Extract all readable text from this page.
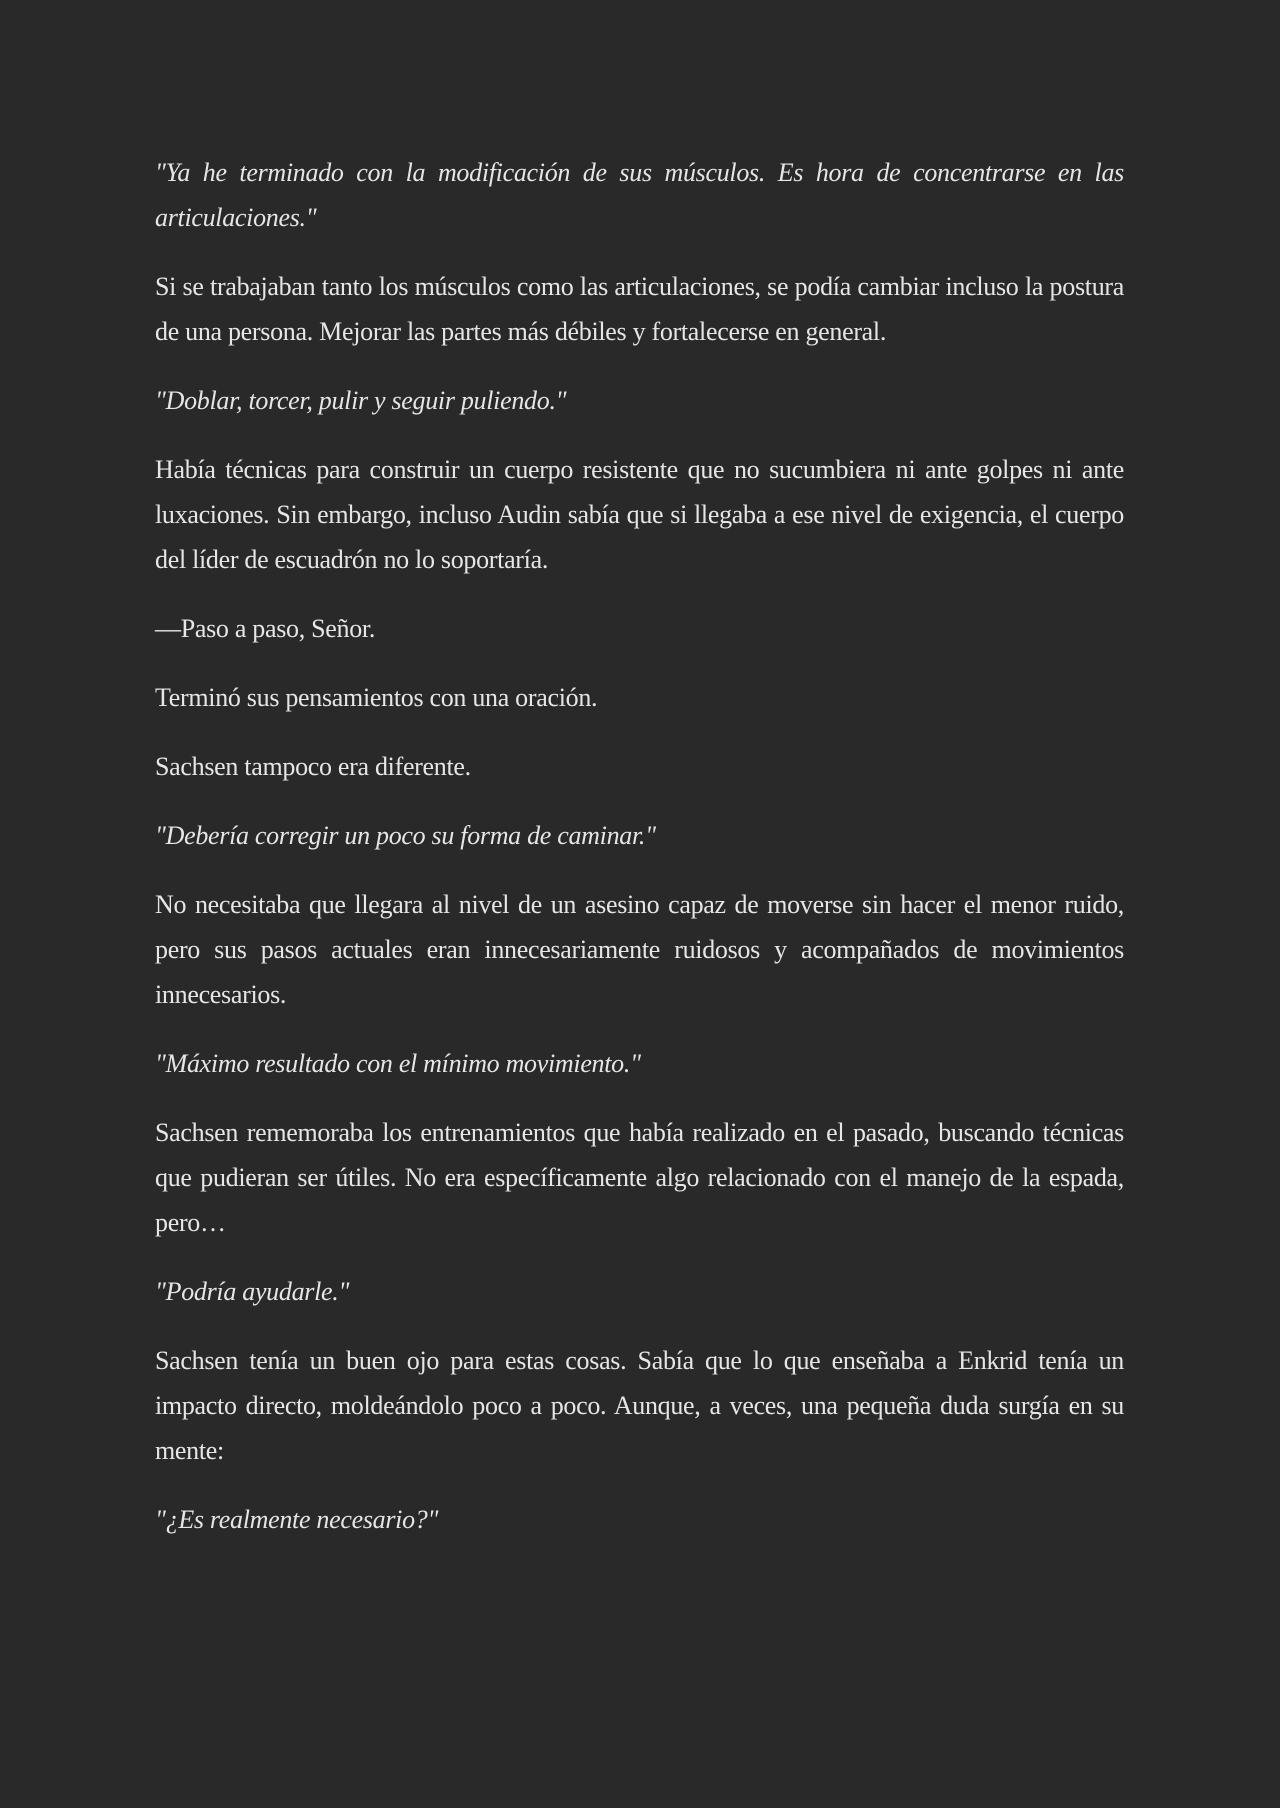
"Ya he terminado con la modificación de sus músculos. Es hora de concentrarse en las articulaciones."

Si se trabajaban tanto los músculos como las articulaciones, se podía cambiar incluso la postura de una persona. Mejorar las partes más débiles y fortalecerse en general.

"Doblar, torcer, pulir y seguir puliendo."

Había técnicas para construir un cuerpo resistente que no sucumbiera ni ante golpes ni ante luxaciones. Sin embargo, incluso Audin sabía que si llegaba a ese nivel de exigencia, el cuerpo del líder de escuadrón no lo soportaría.

—Paso a paso, Señor.

Terminó sus pensamientos con una oración.

Sachsen tampoco era diferente.

"Debería corregir un poco su forma de caminar."

No necesitaba que llegara al nivel de un asesino capaz de moverse sin hacer el menor ruido, pero sus pasos actuales eran innecesariamente ruidosos y acompañados de movimientos innecesarios.

"Máximo resultado con el mínimo movimiento."

Sachsen rememoraba los entrenamientos que había realizado en el pasado, buscando técnicas que pudieran ser útiles. No era específicamente algo relacionado con el manejo de la espada, pero…

"Podría ayudarle."

Sachsen tenía un buen ojo para estas cosas. Sabía que lo que enseñaba a Enkrid tenía un impacto directo, moldeándolo poco a poco. Aunque, a veces, una pequeña duda surgía en su mente:

"¿Es realmente necesario?"
